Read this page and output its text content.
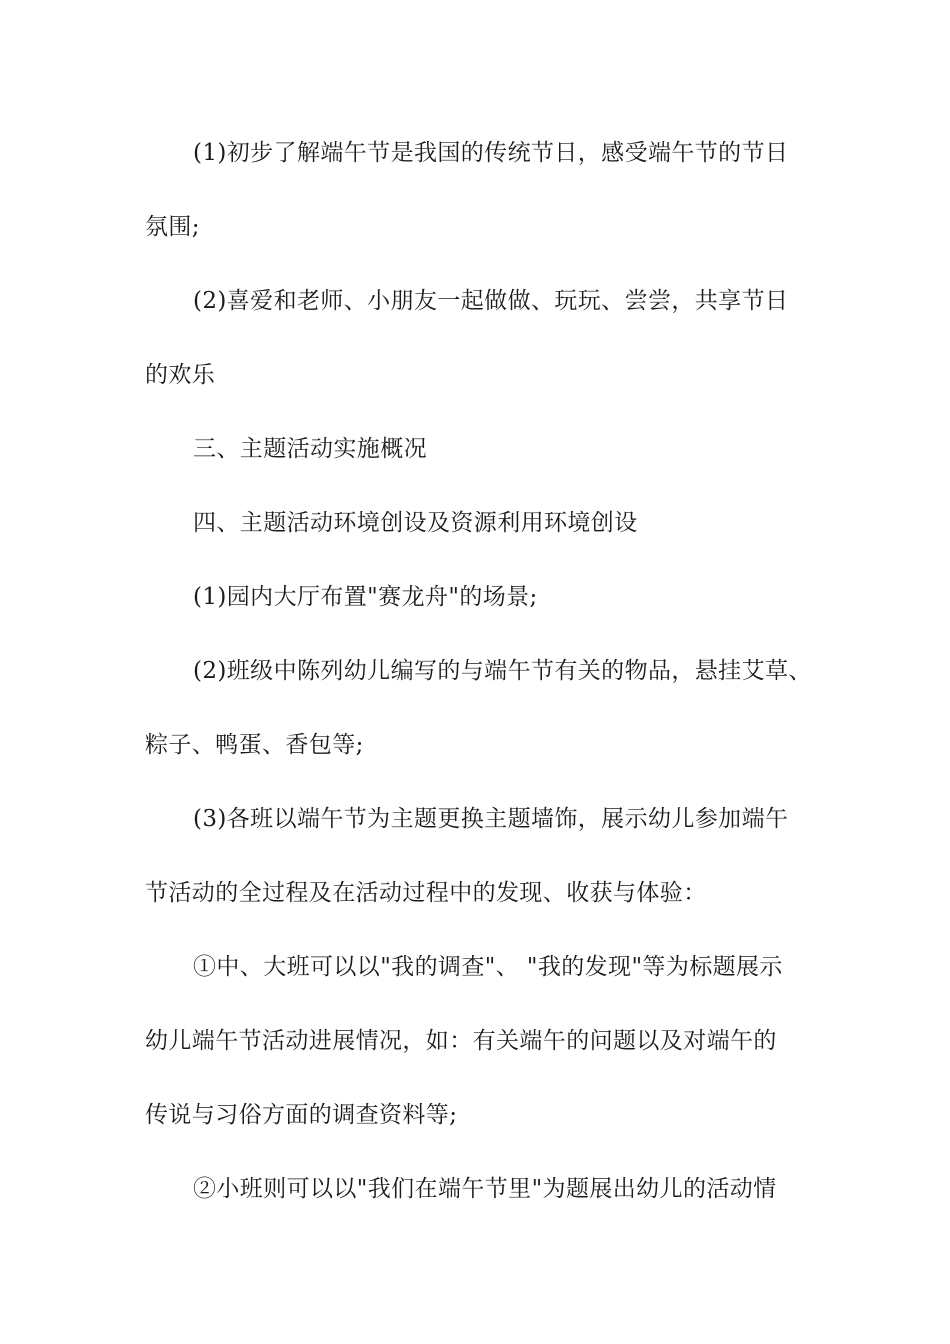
(1)初步了解端午节是我国的传统节日，感受端午节的节日
氛围;
(2)喜爱和老师、小朋友一起做做、玩玩、尝尝，共享节日
的欢乐
三、主题活动实施概况
四、主题活动环境创设及资源利用环境创设
(1)园内大厅布置"赛龙舟"的场景;
(2)班级中陈列幼儿编写的与端午节有关的物品，悬挂艾草、
粽子、鸭蛋、香包等;
(3)各班以端午节为主题更换主题墙饰，展示幼儿参加端午
节活动的全过程及在活动过程中的发现、收获与体验：
①中、大班可以以"我的调查"、 "我的发现"等为标题展示
幼儿端午节活动进展情况，如：有关端午的问题以及对端午的
传说与习俗方面的调查资料等;
②小班则可以以"我们在端午节里"为题展出幼儿的活动情
